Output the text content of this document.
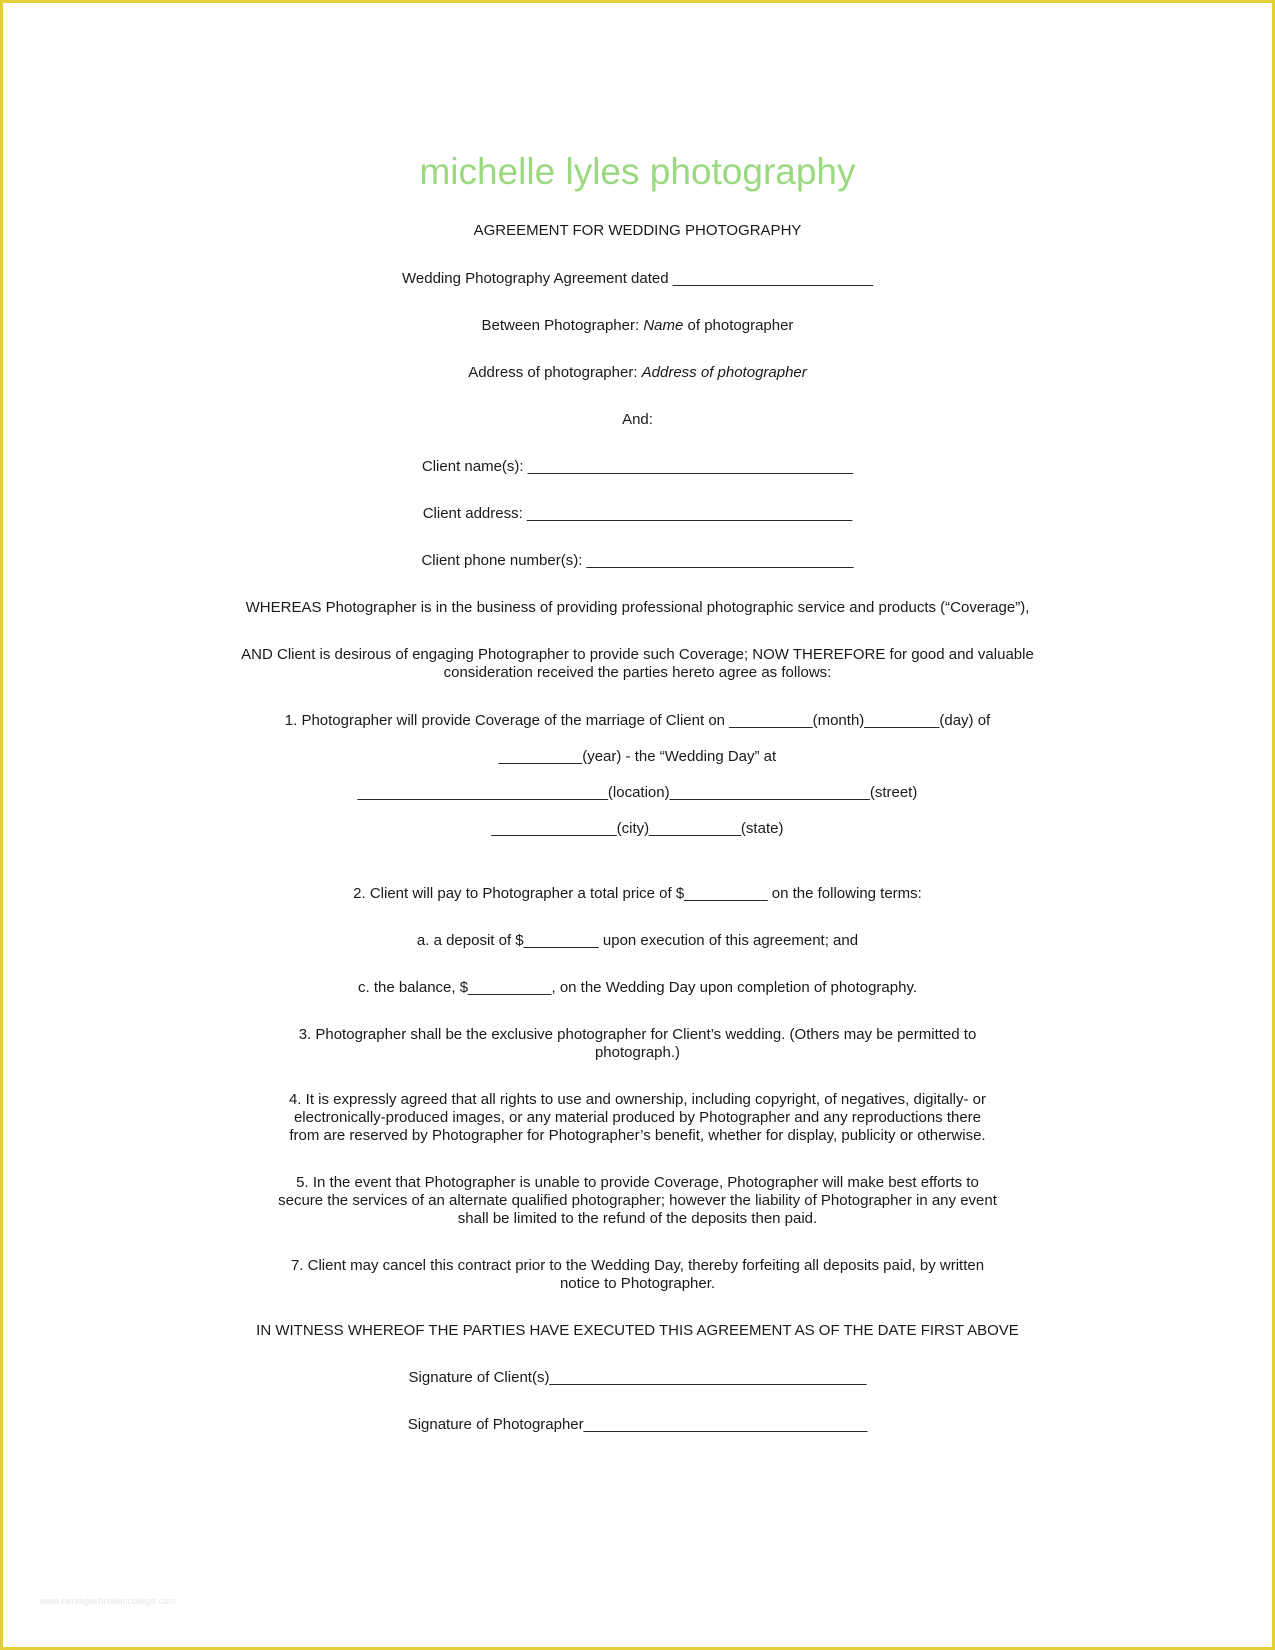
michelle lyles photography
AGREEMENT FOR WEDDING PHOTOGRAPHY
Wedding Photography Agreement dated ________________________
Between Photographer: Name of photographer
Address of photographer: Address of photographer
And:
Client name(s): _______________________________________
Client address: _______________________________________
Client phone number(s): ________________________________
WHEREAS Photographer is in the business of providing professional photographic service and products (“Coverage”),
AND Client is desirous of engaging Photographer to provide such Coverage; NOW THEREFORE for good and valuable
consideration received the parties hereto agree as follows:
1. Photographer will provide Coverage of the marriage of Client on __________(month)_________(day) of
__________(year) - the “Wedding Day” at
______________________________(location)________________________(street)
_______________(city)___________(state)
2. Client will pay to Photographer a total price of $__________ on the following terms:
a. a deposit of $_________ upon execution of this agreement; and
c. the balance, $__________, on the Wedding Day upon completion of photography.
3. Photographer shall be the exclusive photographer for Client’s wedding. (Others may be permitted to
photograph.)
4. It is expressly agreed that all rights to use and ownership, including copyright, of negatives, digitally- or
electronically-produced images, or any material produced by Photographer and any reproductions there
from are reserved by Photographer for Photographer’s benefit, whether for display, publicity or otherwise.
5. In the event that Photographer is unable to provide Coverage, Photographer will make best efforts to
secure the services of an alternate qualified photographer; however the liability of Photographer in any event
shall be limited to the refund of the deposits then paid.
7. Client may cancel this contract prior to the Wedding Day, thereby forfeiting all deposits paid, by written
notice to Photographer.
IN WITNESS WHEREOF THE PARTIES HAVE EXECUTED THIS AGREEMENT AS OF THE DATE FIRST ABOVE
Signature of Client(s)______________________________________
Signature of Photographer__________________________________
www.heritagechristiancollege.com
